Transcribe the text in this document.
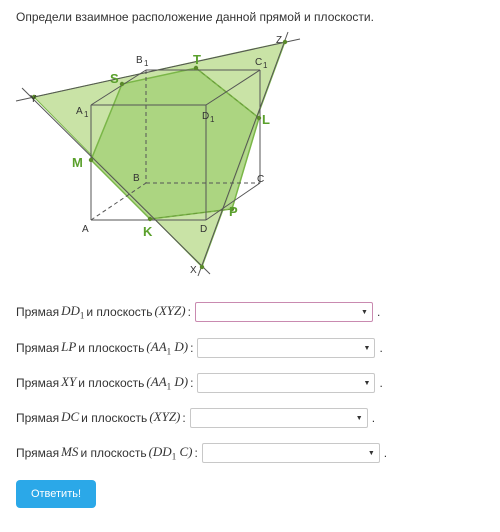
Определи взаимное расположение данной прямой и плоскости.
A	D
B	C
A 1
B 1	C 1
D 1
X
Y
Z
S
T
L
M
K
P
Прямая $DD_1$ и плоскость (XYZ) :	▼ .
Прямая LP и плоскость ($AA_1$ D) :	▼ .
Прямая XY и плоскость ($AA_1$ D) :	▼ .
Прямая DC и плоскость (XYZ) :	▼ .
Прямая MS и плоскость ($DD_1$ C) :	▼ .
Ответить!
